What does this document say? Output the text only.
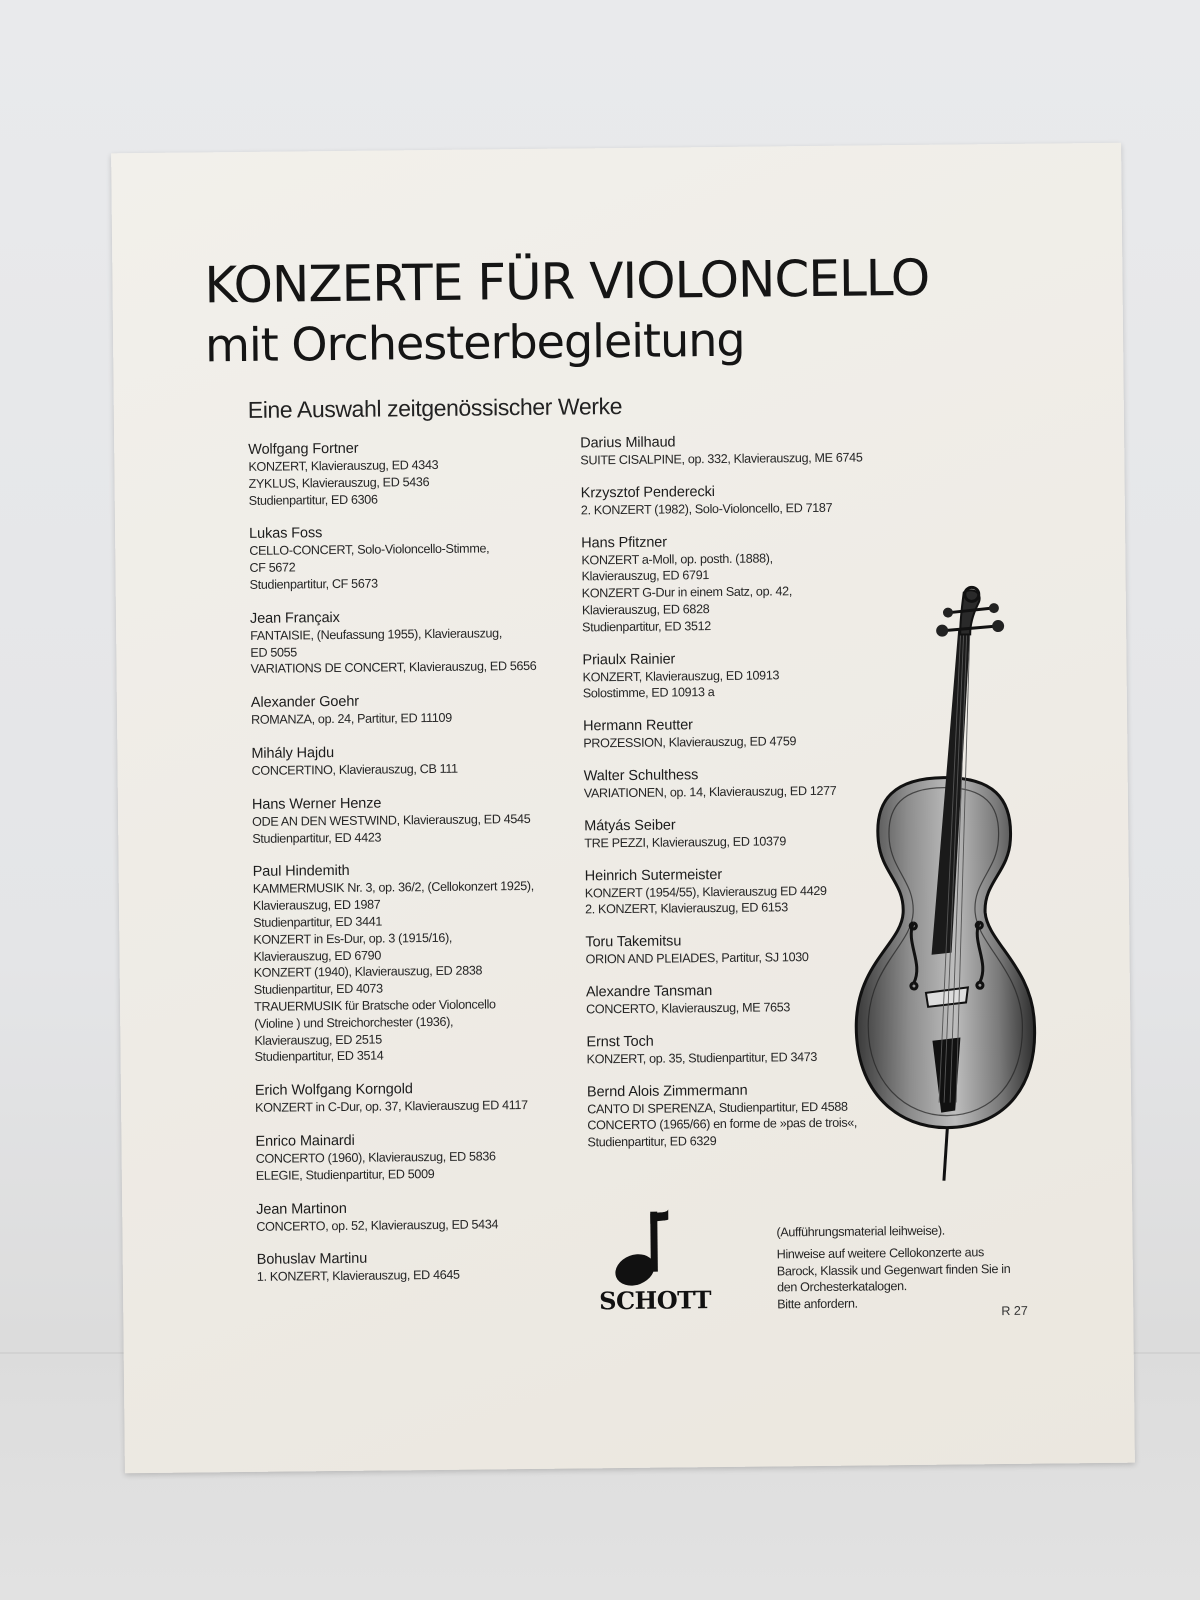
KONZERTE FÜR VIOLONCELLO
mit Orchesterbegleitung

Eine Auswahl zeitgenössischer Werke

Wolfgang Fortner
KONZERT, Klavierauszug, ED 4343
ZYKLUS, Klavierauszug, ED 5436
Studienpartitur, ED 6306
Lukas Foss
CELLO-CONCERT, Solo-Violoncello-Stimme,
CF 5672
Studienpartitur, CF 5673
Jean Françaix
FANTAISIE, (Neufassung 1955), Klavierauszug,
ED 5055
VARIATIONS DE CONCERT, Klavierauszug, ED 5656
Alexander Goehr
ROMANZA, op. 24, Partitur, ED 11109
Mihály Hajdu
CONCERTINO, Klavierauszug, CB 111
Hans Werner Henze
ODE AN DEN WESTWIND, Klavierauszug, ED 4545
Studienpartitur, ED 4423
Paul Hindemith
KAMMERMUSIK Nr. 3, op. 36/2, (Cellokonzert 1925),
Klavierauszug, ED 1987
Studienpartitur, ED 3441
KONZERT in Es-Dur, op. 3 (1915/16),
Klavierauszug, ED 6790
KONZERT (1940), Klavierauszug, ED 2838
Studienpartitur, ED 4073
TRAUERMUSIK für Bratsche oder Violoncello
(Violine ) und Streichorchester (1936),
Klavierauszug, ED 2515
Studienpartitur, ED 3514
Erich Wolfgang Korngold
KONZERT in C-Dur, op. 37, Klavierauszug ED 4117
Enrico Mainardi
CONCERTO (1960), Klavierauszug, ED 5836
ELEGIE, Studienpartitur, ED 5009
Jean Martinon
CONCERTO, op. 52, Klavierauszug, ED 5434
Bohuslav Martinu
1. KONZERT, Klavierauszug, ED 4645
Darius Milhaud
SUITE CISALPINE, op. 332, Klavierauszug, ME 6745
Krzysztof Penderecki
2. KONZERT (1982), Solo-Violoncello, ED 7187
Hans Pfitzner
KONZERT a-Moll, op. posth. (1888),
Klavierauszug, ED 6791
KONZERT G-Dur in einem Satz, op. 42,
Klavierauszug, ED 6828
Studienpartitur, ED 3512
Priaulx Rainier
KONZERT, Klavierauszug, ED 10913
Solostimme, ED 10913 a
Hermann Reutter
PROZESSION, Klavierauszug, ED 4759
Walter Schulthess
VARIATIONEN, op. 14, Klavierauszug, ED 1277
Mátyás Seiber
TRE PEZZI, Klavierauszug, ED 10379
Heinrich Sutermeister
KONZERT (1954/55), Klavierauszug ED 4429
2. KONZERT, Klavierauszug, ED 6153
Toru Takemitsu
ORION AND PLEIADES, Partitur, SJ 1030
Alexandre Tansman
CONCERTO, Klavierauszug, ME 7653
Ernst Toch
KONZERT, op. 35, Studienpartitur, ED 3473
Bernd Alois Zimmermann
CANTO DI SPERENZA, Studienpartitur, ED 4588
CONCERTO (1965/66) en forme de »pas de trois«,
Studienpartitur, ED 6329

SCHOTT

(Aufführungsmaterial leihweise).
Hinweise auf weitere Cellokonzerte aus
Barock, Klassik und Gegenwart finden Sie in
den Orchesterkatalogen.
Bitte anfordern.	R 27
